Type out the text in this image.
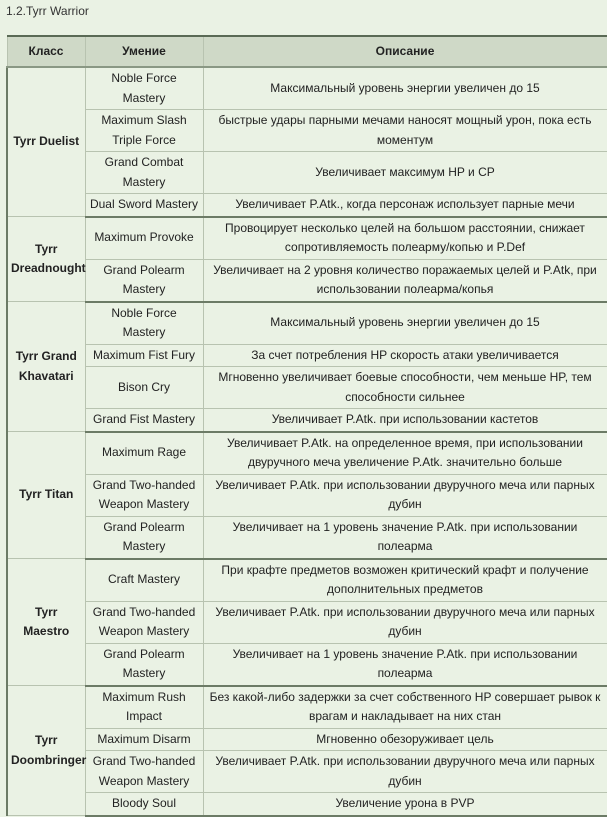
1.2.Tyrr Warrior
Класс	Умение	Описание
Tyrr Duelist	Noble Force Mastery	Максимальный уровень энергии увеличен до 15
	Maximum Slash Triple Force	быстрые удары парными мечами наносят мощный урон, пока есть моментум
	Grand Combat Mastery	Увеличивает максимум HP и CP
	Dual Sword Mastery	Увеличивает P.Atk., когда персонаж использует парные мечи
Tyrr Dreadnought	Maximum Provoke	Провоцирует несколько целей на большом расстоянии, снижает сопротивляемость полеарму/копью и P.Def
	Grand Polearm Mastery	Увеличивает на 2 уровня количество поражаемых целей и P.Atk, при использовании полеарма/копья
Tyrr Grand Khavatari	Noble Force Mastery	Максимальный уровень энергии увеличен до 15
	Maximum Fist Fury	За счет потребления HP скорость атаки увеличивается
	Bison Cry	Мгновенно увеличивает боевые способности, чем меньше HP, тем способности сильнее
	Grand Fist Mastery	Увеличивает P.Atk. при использовании кастетов
Tyrr Titan	Maximum Rage	Увеличивает P.Atk. на определенное время, при использовании двуручного меча увеличение P.Atk. значительно больше
	Grand Two-handed Weapon Mastery	Увеличивает P.Atk. при использовании двуручного меча или парных дубин
	Grand Polearm Mastery	Увеличивает на 1 уровень значение P.Atk. при использовании полеарма
Tyrr Maestro	Craft Mastery	При крафте предметов возможен критический крафт и получение дополнительных предметов
	Grand Two-handed Weapon Mastery	Увеличивает P.Atk. при использовании двуручного меча или парных дубин
	Grand Polearm Mastery	Увеличивает на 1 уровень значение P.Atk. при использовании полеарма
Tyrr Doombringer	Maximum Rush Impact	Без какой-либо задержки за счет собственного HP совершает рывок к врагам и накладывает на них стан
	Maximum Disarm	Мгновенно обезоруживает цель
	Grand Two-handed Weapon Mastery	Увеличивает P.Atk. при использовании двуручного меча или парных дубин
	Bloody Soul	Увеличение урона в PVP
